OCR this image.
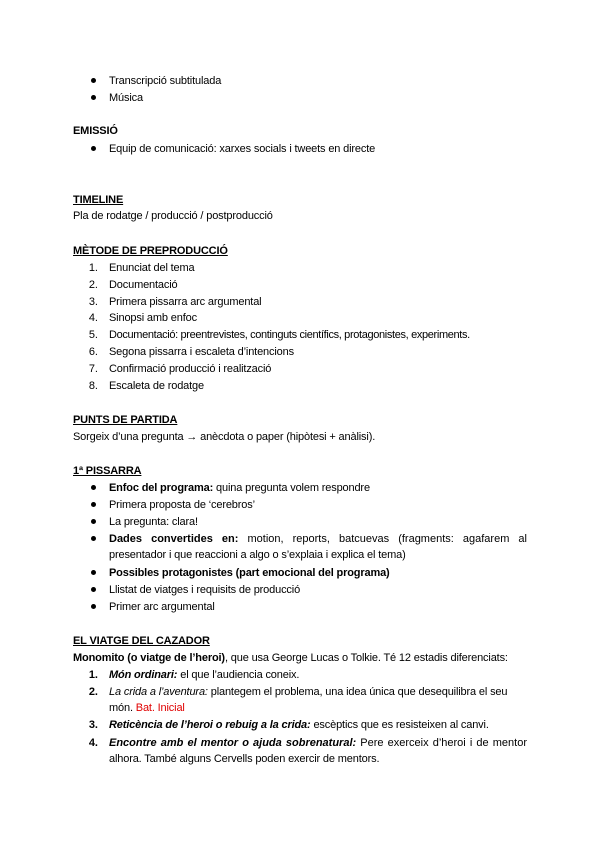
Transcripció subtitulada
Música
EMISSIÓ
Equip de comunicació: xarxes socials i tweets en directe
TIMELINE
Pla de rodatge / producció / postproducció
MÈTODE DE PREPRODUCCIÓ
1. Enunciat del tema
2. Documentació
3. Primera pissarra arc argumental
4. Sinopsi amb enfoc
5. Documentació: preentrevistes, continguts científics, protagonistes, experiments.
6. Segona pissarra i escaleta d’intencions
7. Confirmació producció i realització
8. Escaleta de rodatge
PUNTS DE PARTIDA
Sorgeix d’una pregunta → anècdota o paper (hipòtesi + anàlisi).
1ª PISSARRA
Enfoc del programa: quina pregunta volem respondre
Primera proposta de ‘cerebros’
La pregunta: clara!
Dades convertides en: motion, reports, batcuevas (fragments: agafarem al
presentador i que reaccioni a algo o s’explaia i explica el tema)
Possibles protagonistes (part emocional del programa)
Llistat de viatges i requisits de producció
Primer arc argumental
EL VIATGE DEL CAZADOR
Monomito (o viatge de l’heroi), que usa George Lucas o Tolkie. Té 12 estadis diferenciats:
1. Món ordinari: el que l’audiencia coneix.
2. La crida a l’aventura: plantegem el problema, una idea única que desequilibra el seu
món. Bat. Inicial
3. Reticència de l’heroi o rebuig a la crida: escèptics que es resisteixen al canvi.
4. Encontre amb el mentor o ajuda sobrenatural: Pere exerceix d’heroi i de mentor
alhora. També alguns Cervells poden exercir de mentors.
